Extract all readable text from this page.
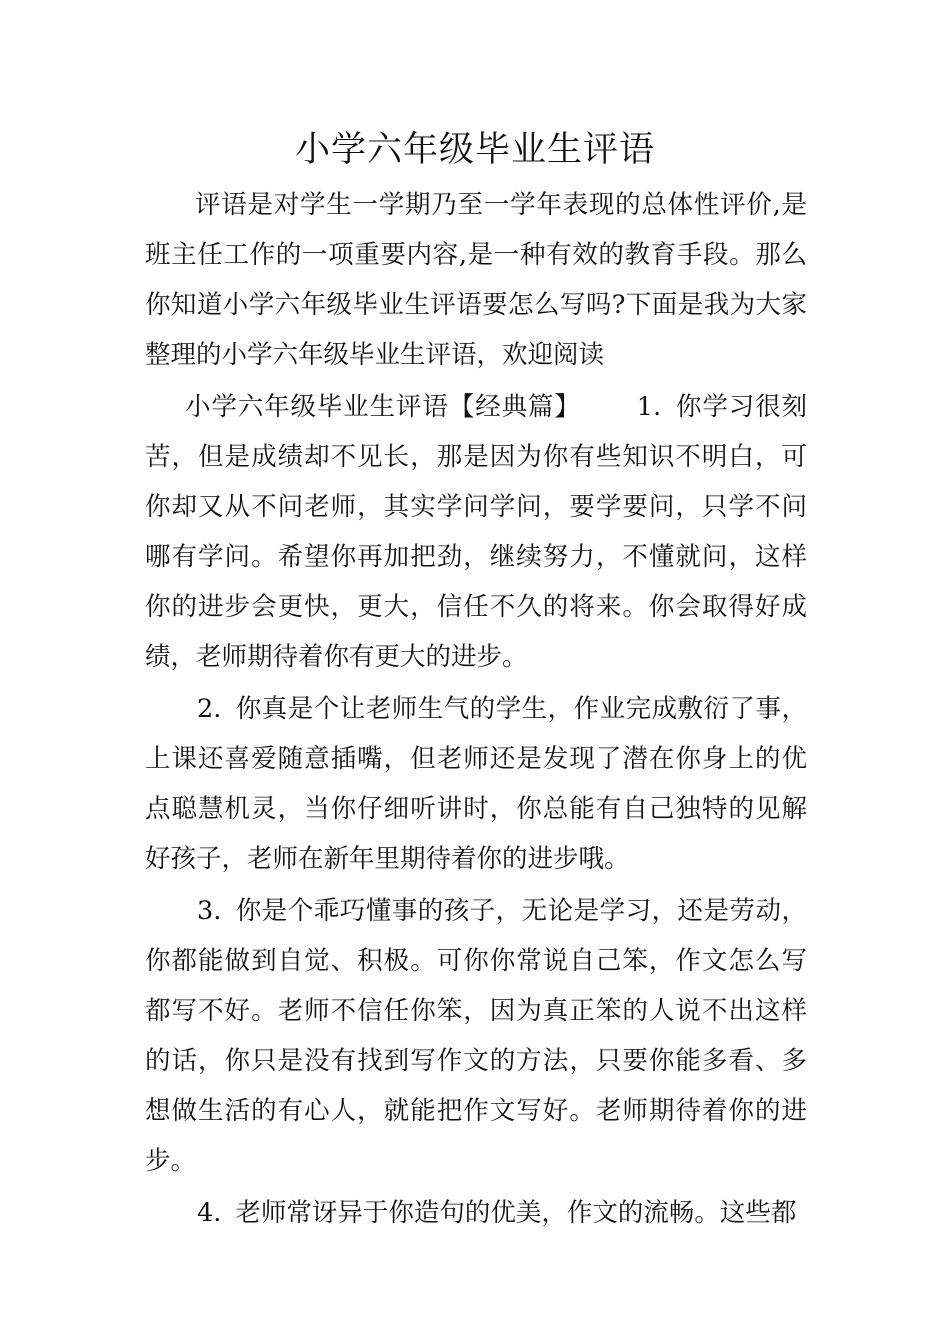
小学六年级毕业生评语

评语是对学生一学期乃至一学年表现的总体性评价,是班主任工作的一项重要内容,是一种有效的教育手段。那么你知道小学六年级毕业生评语要怎么写吗?下面是我为大家整理的小学六年级毕业生评语，欢迎阅读

小学六年级毕业生评语【经典篇】 1. 你学习很刻苦，但是成绩却不见长，那是因为你有些知识不明白，可你却又从不问老师，其实学问学问，要学要问，只学不问哪有学问。希望你再加把劲，继续努力，不懂就问，这样你的进步会更快，更大，信任不久的将来。你会取得好成绩，老师期待着你有更大的进步。

2. 你真是个让老师生气的学生，作业完成敷衍了事，上课还喜爱随意插嘴，但老师还是发现了潜在你身上的优点聪慧机灵，当你仔细听讲时，你总能有自己独特的见解好孩子，老师在新年里期待着你的进步哦。

3. 你是个乖巧懂事的孩子，无论是学习，还是劳动，你都能做到自觉、积极。可你你常说自己笨，作文怎么写都写不好。老师不信任你笨，因为真正笨的人说不出这样的话，你只是没有找到写作文的方法，只要你能多看、多想做生活的有心人，就能把作文写好。老师期待着你的进步。

4. 老师常讶异于你造句的优美，作文的流畅。这些都
